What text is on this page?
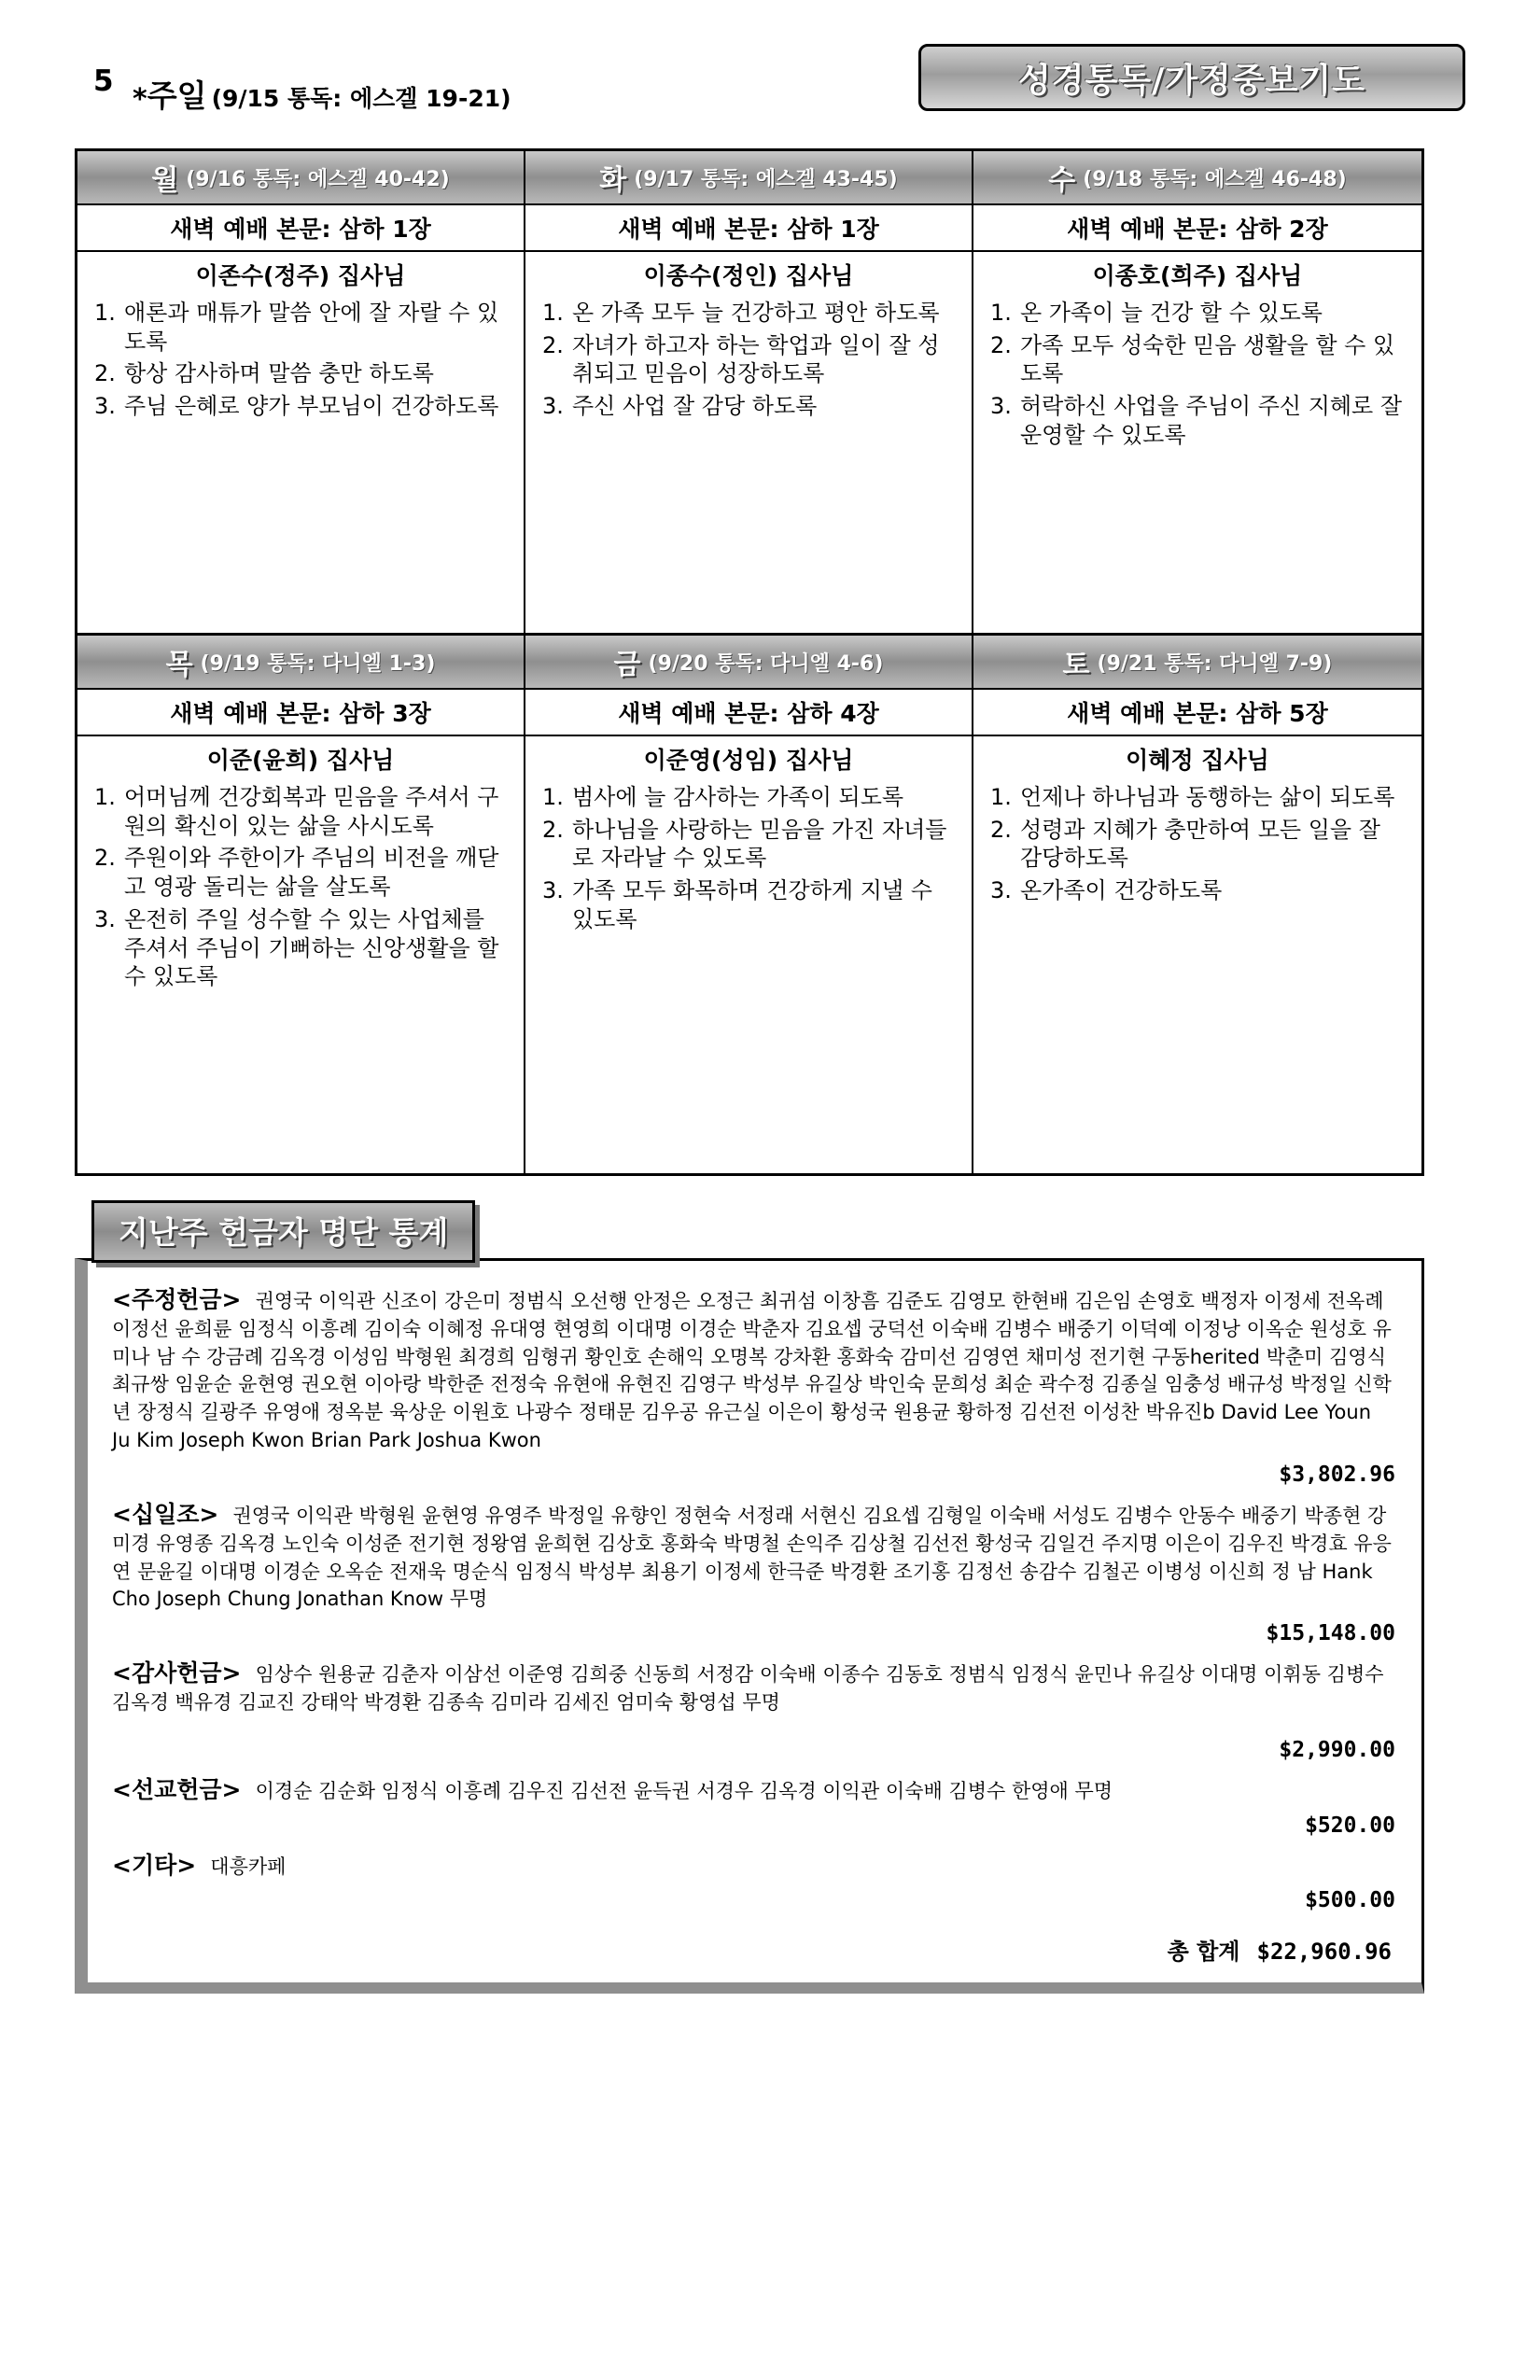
5
*주일 (9/15 통독: 에스겔 19-21)	성경통독/가정중보기도
월 (9/16 통독: 에스겔 40-42)
새벽 예배 본문: 삼하 1장
이존수(정주) 집사님
1. 애론과 매튜가 말씀 안에 잘 자랄 수 있도록
2. 항상 감사하며 말씀 충만 하도록
3. 주님 은혜로 양가 부모님이 건강하도록
화 (9/17 통독: 에스겔 43-45)
새벽 예배 본문: 삼하 1장
이종수(정인) 집사님
1. 온 가족 모두 늘 건강하고 평안 하도록
2. 자녀가 하고자 하는 학업과 일이 잘 성취되고 믿음이 성장하도록
3. 주신 사업 잘 감당 하도록
수 (9/18 통독: 에스겔 46-48)
새벽 예배 본문: 삼하 2장
이종호(희주) 집사님
1. 온 가족이 늘 건강 할 수 있도록
2. 가족 모두 성숙한 믿음 생활을 할 수 있도록
3. 허락하신 사업을 주님이 주신 지혜로 잘 운영할 수 있도록
목 (9/19 통독: 다니엘 1-3)
새벽 예배 본문: 삼하 3장
이준(윤희) 집사님
1. 어머님께 건강회복과 믿음을 주셔서 구원의 확신이 있는 삶을 사시도록
2. 주원이와 주한이가 주님의 비전을 깨닫고 영광 돌리는 삶을 살도록
3. 온전히 주일 성수할 수 있는 사업체를 주셔서 주님이 기뻐하는 신앙생활을 할 수 있도록
금 (9/20 통독: 다니엘 4-6)
새벽 예배 본문: 삼하 4장
이준영(성임) 집사님
1. 범사에 늘 감사하는 가족이 되도록
2. 하나님을 사랑하는 믿음을 가진 자녀들로 자라날 수 있도록
3. 가족 모두 화목하며 건강하게 지낼 수 있도록
토 (9/21 통독: 다니엘 7-9)
새벽 예배 본문: 삼하 5장
이혜정 집사님
1. 언제나 하나님과 동행하는 삶이 되도록
2. 성령과 지혜가 충만하여 모든 일을 잘 감당하도록
3. 온가족이 건강하도록
지난주 헌금자 명단 통계
<주정헌금> 권영국 이익관 신조이 강은미 정범식 오선행 안정은 오정근 최귀섬 이창흠 김준도 김영모 한현배 김은임 손영호 백정자 이정세 전옥례 이정선 윤희륜 임정식 이흥례 김이숙 이혜정 유대영 현영희 이대명 이경순 박춘자 김요셉 궁덕선 이숙배 김병수 배중기 이덕예 이정낭 이옥순 원성호 유미나 남 수 강금례 김옥경 이성임 박형원 최경희 임형귀 황인호 손해익 오명복 강차환 홍화숙 감미선 김영연 채미성 전기현 구동herited 박춘미 김영식 최규쌍 임윤순 윤현영 권오현 이아랑 박한준 전정숙 유현애 유현진 김영구 박성부 유길상 박인숙 문희성 최순 곽수정 김종실 임충성 배규성 박정일 신학년 장정식 길광주 유영애 정옥분 육상운 이원호 나광수 정태문 김우공 유근실 이은이 황성국 원용균 황하정 김선전 이성찬 박유진b David Lee Youn Ju Kim Joseph Kwon Brian Park Joshua Kwon
$3,802.96
<십일조> 권영국 이익관 박형원 윤현영 유영주 박정일 유향인 정현숙 서정래 서현신 김요셉 김형일 이숙배 서성도 김병수 안동수 배중기 박종현 강미경 유영종 김옥경 노인숙 이성준 전기현 정왕염 윤희현 김상호 홍화숙 박명철 손익주 김상철 김선전 황성국 김일건 주지명 이은이 김우진 박경효 유응연 문윤길 이대명 이경순 오옥순 전재욱 명순식 임정식 박성부 최용기 이정세 한극준 박경환 조기홍 김정선 송감수 김철곤 이병성 이신희 정 남 Hank Cho Joseph Chung Jonathan Know 무명
$15,148.00
<감사헌금> 임상수 원용균 김춘자 이삼선 이준영 김희중 신동희 서정감 이숙배 이종수 김동호 정범식 임정식 윤민나 유길상 이대명 이휘동 김병수 김옥경 백유경 김교진 강태악 박경환 김종속 김미라 김세진 엄미숙 황영섭 무명
$2,990.00
<선교헌금> 이경순 김순화 임정식 이흥례 김우진 김선전 윤득권 서경우 김옥경 이익관 이숙배 김병수 한영애 무명
$520.00
<기타> 대흥카페
$500.00
총 합계 $22,960.96
